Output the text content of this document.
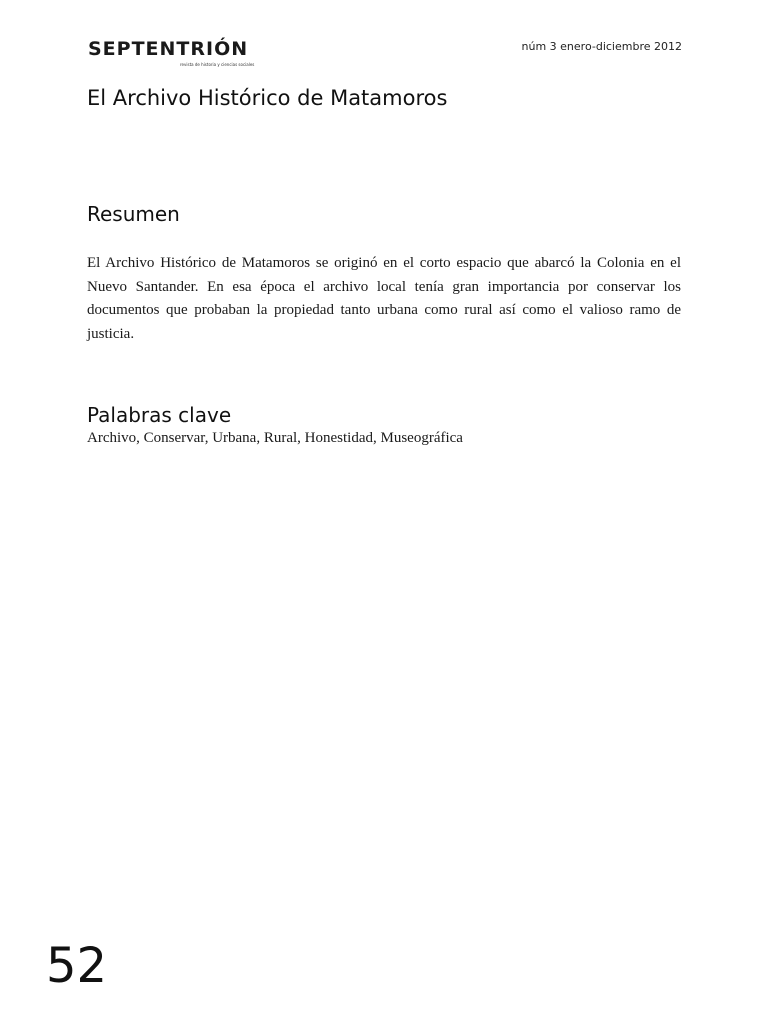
SEPTENTRIÓN
revista de historia y ciencias sociales
núm 3 enero-diciembre 2012
El Archivo Histórico de Matamoros
Resumen

El Archivo Histórico de Matamoros se originó en el corto espacio que abarcó la Colonia en el Nuevo Santander. En esa época el archivo local tenía gran importancia por conservar los documentos que probaban la propiedad tanto urbana como rural así como el valioso ramo de justicia.

Palabras clave

Archivo, Conservar, Urbana, Rural, Honestidad, Museográfica

52
